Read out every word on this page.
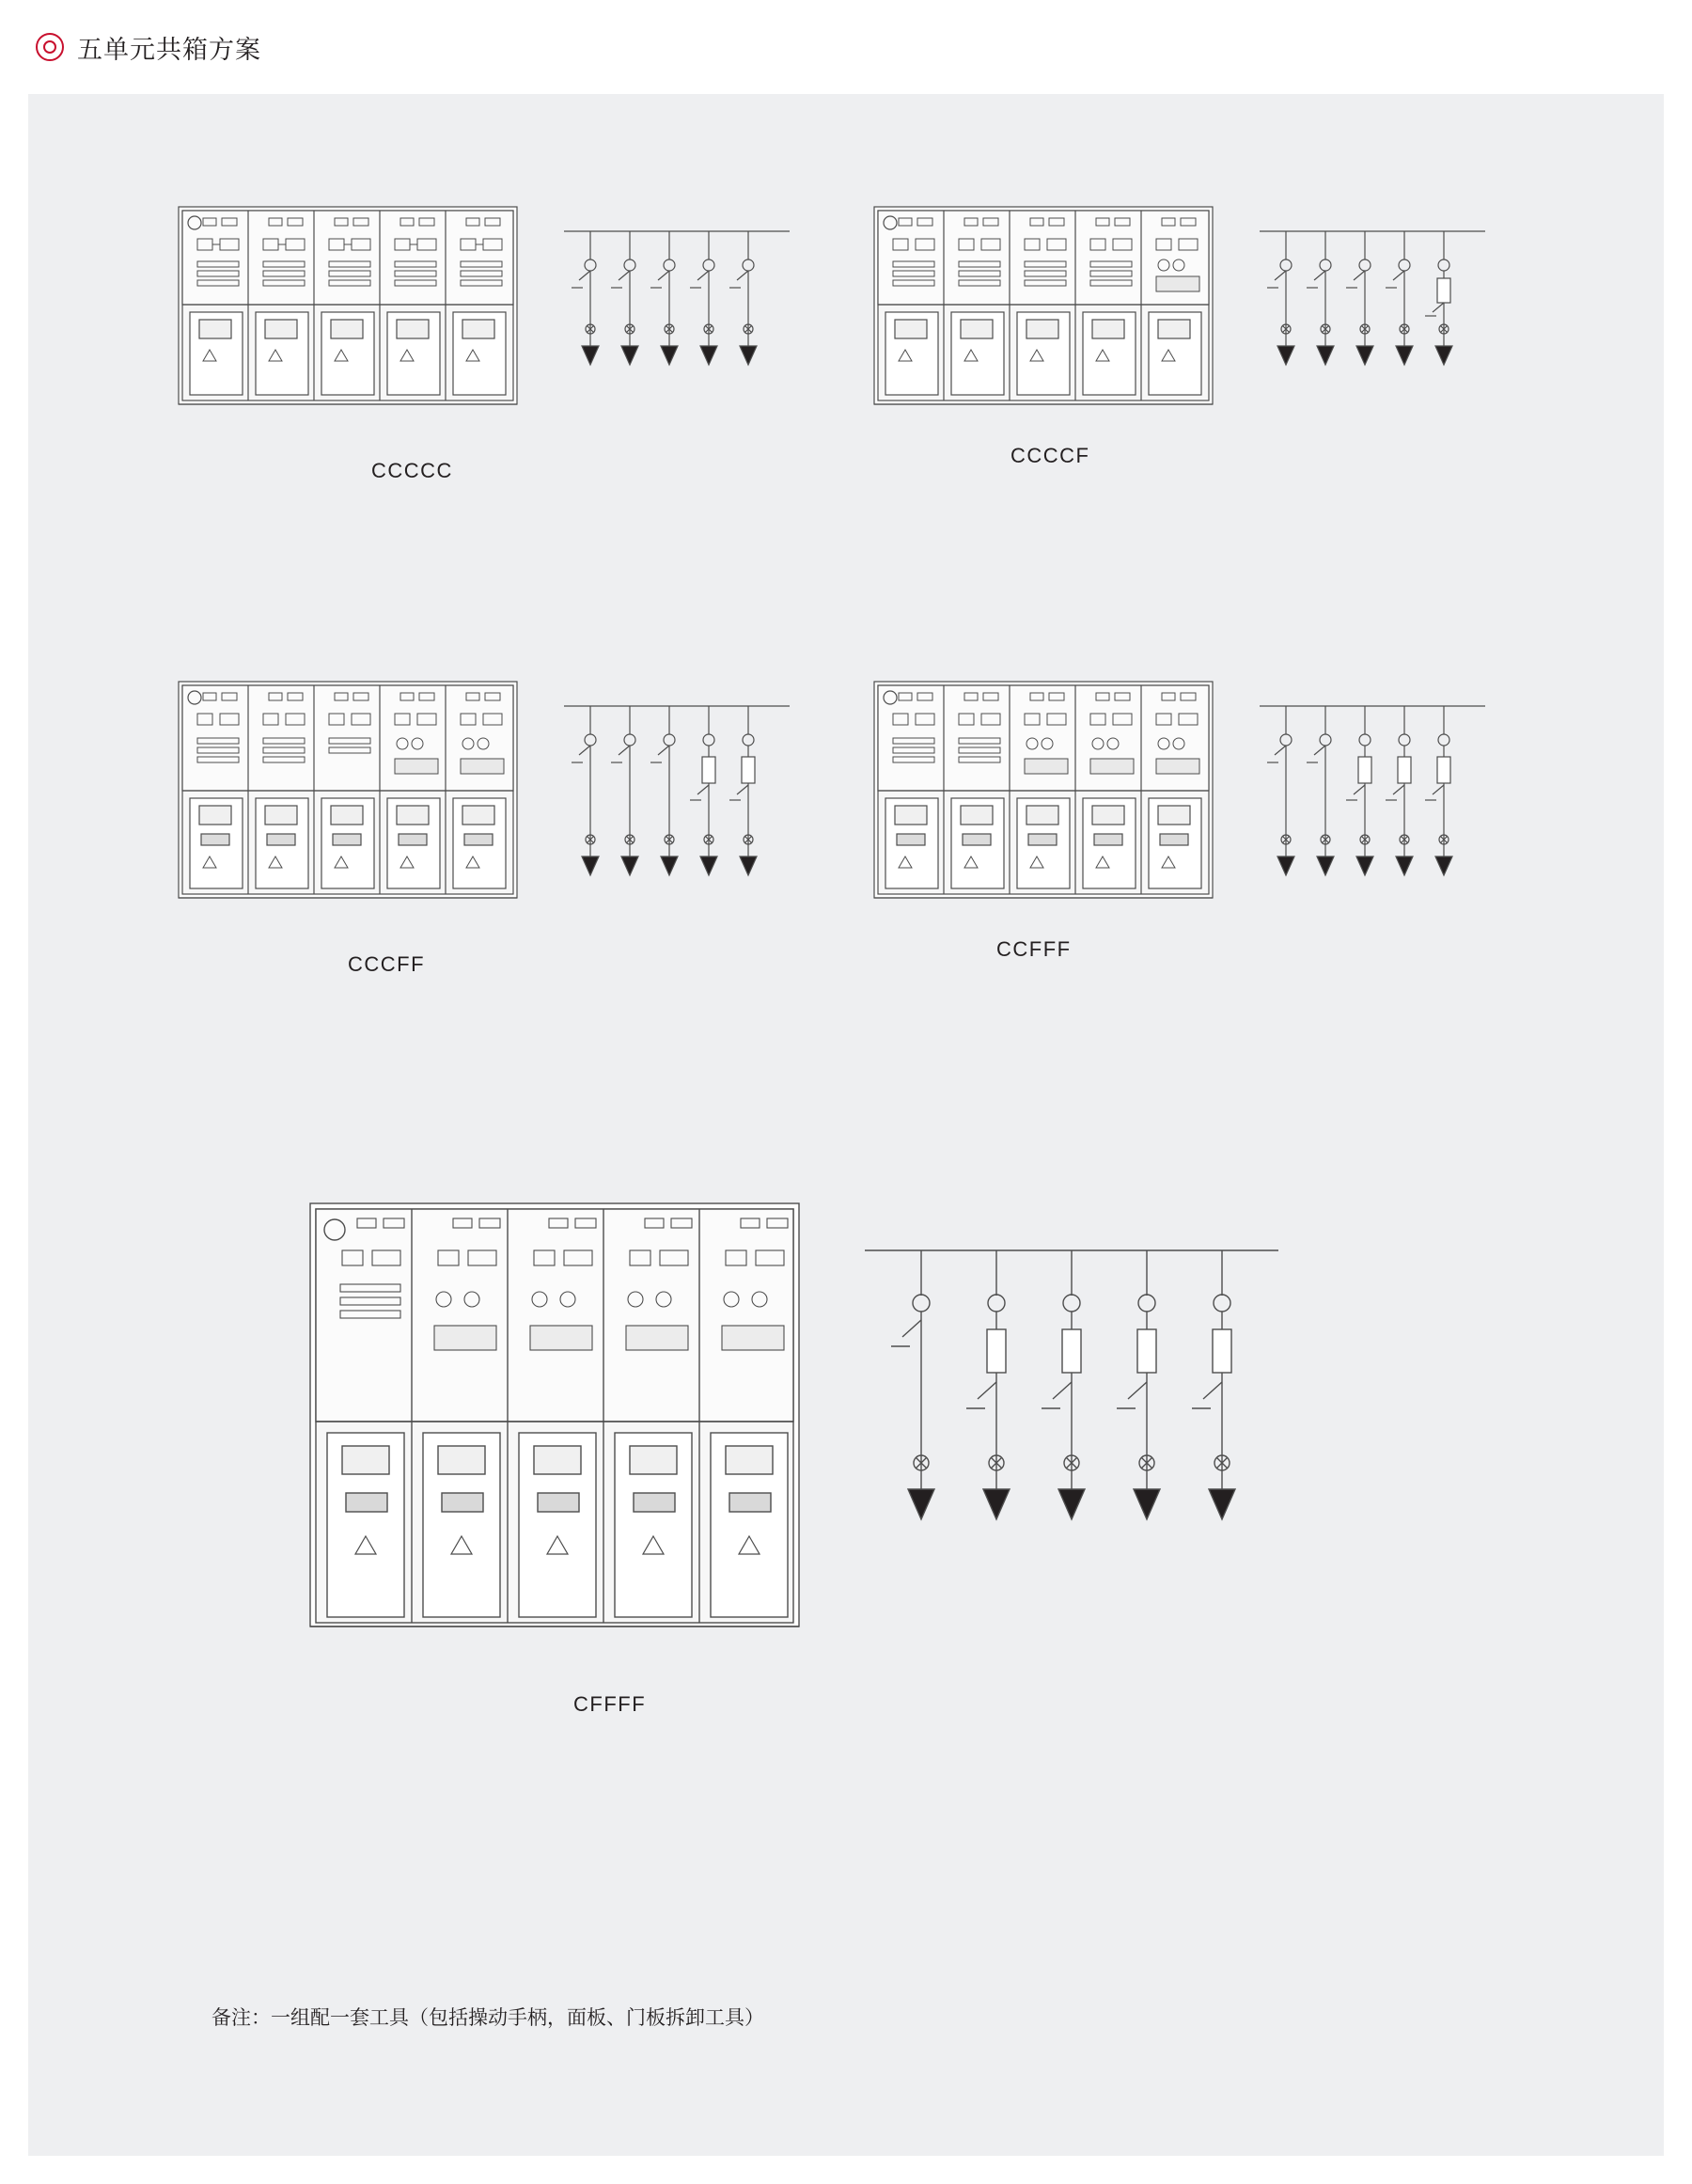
五单元共箱方案
CCCCC
CCCCF
CCCFF
CCFFF
CFFFF
备注：一组配一套工具（包括操动手柄，面板、门板拆卸工具）
